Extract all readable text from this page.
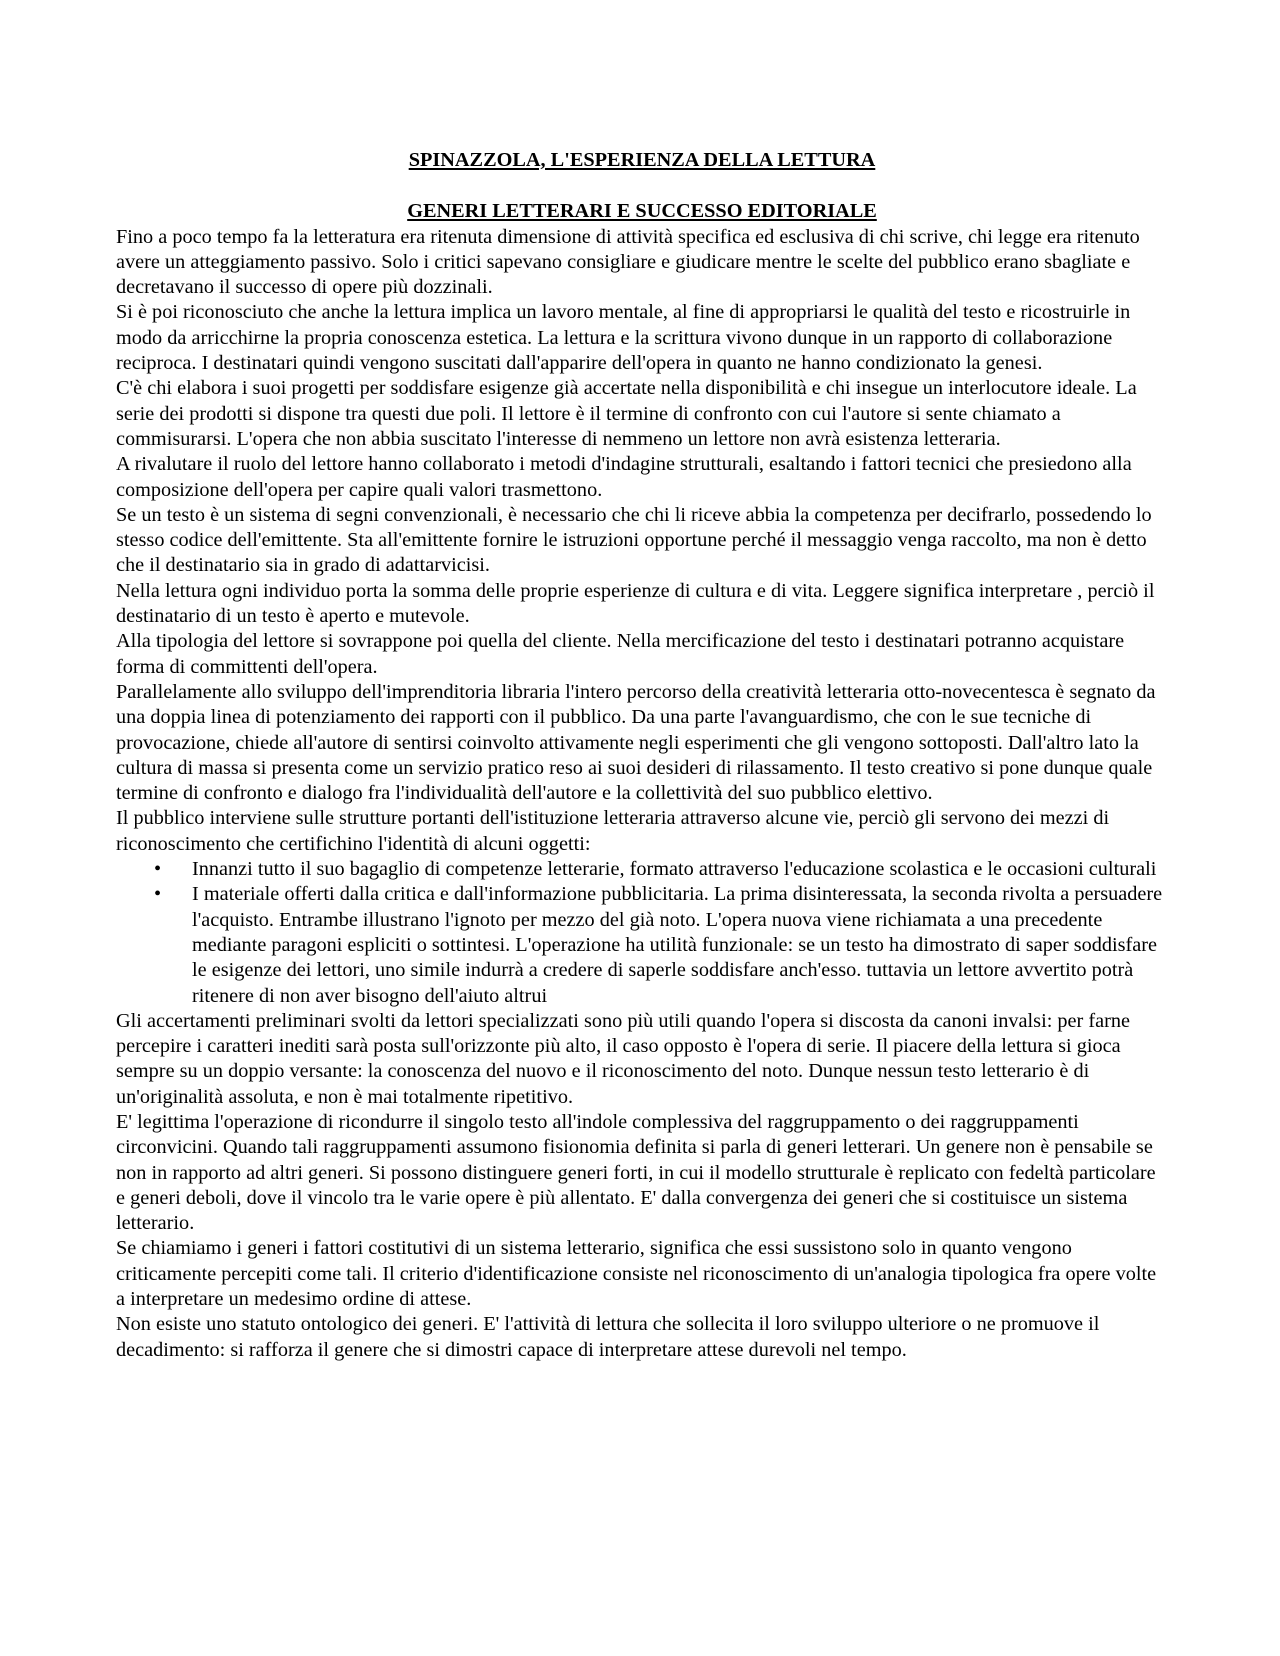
SPINAZZOLA, L'ESPERIENZA DELLA LETTURA
GENERI LETTERARI E SUCCESSO EDITORIALE

Fino a poco tempo fa la letteratura era ritenuta dimensione di attività specifica ed esclusiva di chi scrive, chi legge era ritenuto avere un atteggiamento passivo. Solo i critici sapevano consigliare e giudicare mentre le scelte del pubblico erano sbagliate e decretavano il successo di opere più dozzinali.

Si è poi riconosciuto che anche la lettura implica un lavoro mentale, al fine di appropriarsi le qualità del testo e ricostruirle in modo da arricchirne la propria conoscenza estetica. La lettura e la scrittura vivono dunque in un rapporto di collaborazione reciproca. I destinatari quindi vengono suscitati dall'apparire dell'opera in quanto ne hanno condizionato la genesi.

C'è chi elabora i suoi progetti per soddisfare esigenze già accertate nella disponibilità e chi insegue un interlocutore ideale. La serie dei prodotti si dispone tra questi due poli. Il lettore è il termine di confronto con cui l'autore si sente chiamato a commisurarsi. L'opera che non abbia suscitato l'interesse di nemmeno un lettore non avrà esistenza letteraria.

A rivalutare il ruolo del lettore hanno collaborato i metodi d'indagine strutturali, esaltando i fattori tecnici che presiedono alla composizione dell'opera per capire quali valori trasmettono.

Se un testo è un sistema di segni convenzionali, è necessario che chi li riceve abbia la competenza per decifrarlo, possedendo lo stesso codice dell'emittente. Sta all'emittente fornire le istruzioni opportune perché il messaggio venga raccolto, ma non è detto che il destinatario sia in grado di adattarvicisi.

Nella lettura ogni individuo porta la somma delle proprie esperienze di cultura e di vita. Leggere significa interpretare , perciò il destinatario di un testo è aperto e mutevole.

Alla tipologia del lettore si sovrappone poi quella del cliente. Nella mercificazione del testo i destinatari potranno acquistare forma di committenti dell'opera.

Parallelamente allo sviluppo dell'imprenditoria libraria l'intero percorso della creatività letteraria otto-novecentesca è segnato da una doppia linea di potenziamento dei rapporti con il pubblico. Da una parte l'avanguardismo, che con le sue tecniche di provocazione, chiede all'autore di sentirsi coinvolto attivamente negli esperimenti che gli vengono sottoposti. Dall'altro lato la cultura di massa si presenta come un servizio pratico reso ai suoi desideri di rilassamento. Il testo creativo si pone dunque quale termine di confronto e dialogo fra l'individualità dell'autore e la collettività del suo pubblico elettivo.

Il pubblico interviene sulle strutture portanti dell'istituzione letteraria attraverso alcune vie, perciò gli servono dei mezzi di riconoscimento che certifichino l'identità di alcuni oggetti:

• Innanzi tutto il suo bagaglio di competenze letterarie, formato attraverso l'educazione scolastica e le occasioni culturali
• I materiale offerti dalla critica e dall'informazione pubblicitaria. La prima disinteressata, la seconda rivolta a persuadere l'acquisto. Entrambe illustrano l'ignoto per mezzo del già noto. L'opera nuova viene richiamata a una precedente mediante paragoni espliciti o sottintesi. L'operazione ha utilità funzionale: se un testo ha dimostrato di saper soddisfare le esigenze dei lettori, uno simile indurrà a credere di saperle soddisfare anch'esso. tuttavia un lettore avvertito potrà ritenere di non aver bisogno dell'aiuto altrui

Gli accertamenti preliminari svolti da lettori specializzati sono più utili quando l'opera si discosta da canoni invalsi: per farne percepire i caratteri inediti sarà posta sull'orizzonte più alto, il caso opposto è l'opera di serie. Il piacere della lettura si gioca sempre su un doppio versante: la conoscenza del nuovo e il riconoscimento del noto. Dunque nessun testo letterario è di un'originalità assoluta, e non è mai totalmente ripetitivo.

E' legittima l'operazione di ricondurre il singolo testo all'indole complessiva del raggruppamento o dei raggruppamenti circonvicini. Quando tali raggruppamenti assumono fisionomia definita si parla di generi letterari. Un genere non è pensabile se non in rapporto ad altri generi. Si possono distinguere generi forti, in cui il modello strutturale è replicato con fedeltà particolare e generi deboli, dove il vincolo tra le varie opere è più allentato. E' dalla convergenza dei generi che si costituisce un sistema letterario.

Se chiamiamo i generi i fattori costitutivi di un sistema letterario, significa che essi sussistono solo in quanto vengono criticamente percepiti come tali. Il criterio d'identificazione consiste nel riconoscimento di un'analogia tipologica fra opere volte a interpretare un medesimo ordine di attese.

Non esiste uno statuto ontologico dei generi. E' l'attività di lettura che sollecita il loro sviluppo ulteriore o ne promuove il decadimento: si rafforza il genere che si dimostri capace di interpretare attese durevoli nel tempo.
